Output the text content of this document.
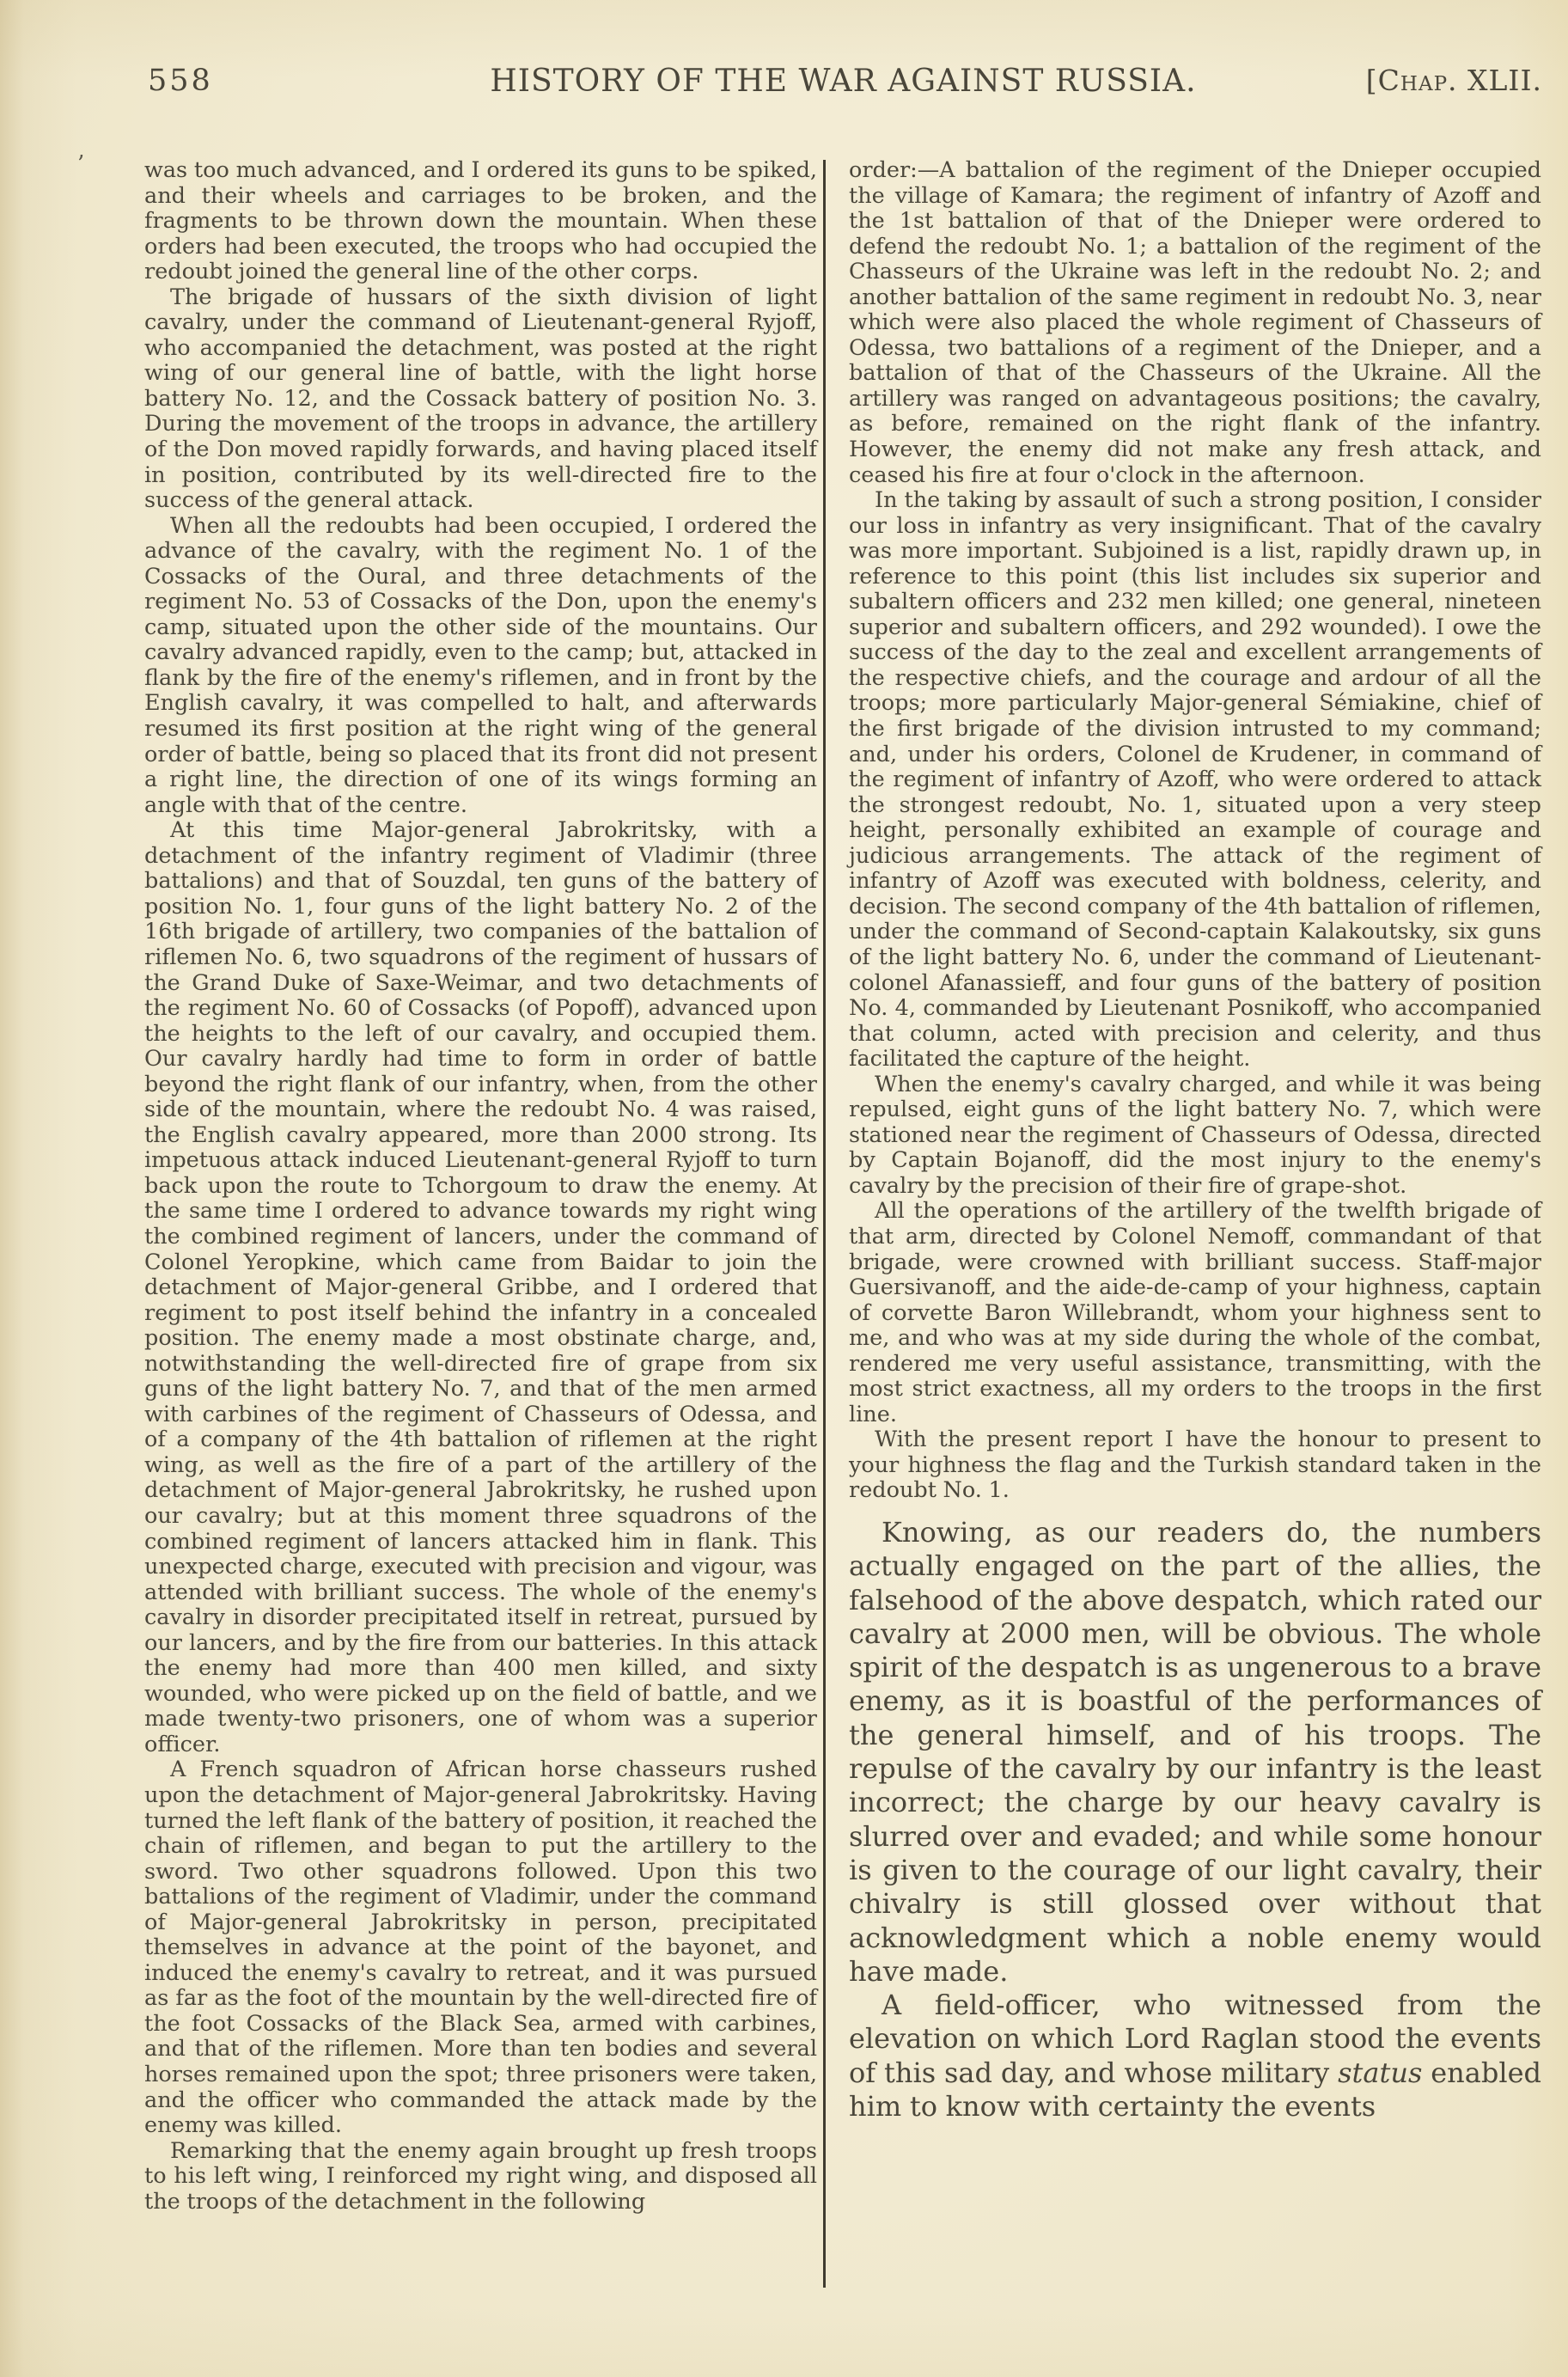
558	HISTORY OF THE WAR AGAINST RUSSIA.	[Chap. XLII.
’	was too much advanced, and I ordered its guns to be spiked, and their wheels and carriages to be broken, and the fragments to be thrown down the mountain. When these orders had been executed, the troops who had occupied the redoubt joined the general line of the other corps.

The brigade of hussars of the sixth division of light cavalry, under the command of Lieutenant-general Ryjoff, who accompanied the detachment, was posted at the right wing of our general line of battle, with the light horse battery No. 12, and the Cossack battery of position No. 3. During the movement of the troops in advance, the artillery of the Don moved rapidly forwards, and having placed itself in position, contributed by its well-directed fire to the success of the general attack.

When all the redoubts had been occupied, I ordered the advance of the cavalry, with the regiment No. 1 of the Cossacks of the Oural, and three detachments of the regiment No. 53 of Cossacks of the Don, upon the enemy's camp, situated upon the other side of the mountains. Our cavalry advanced rapidly, even to the camp; but, attacked in flank by the fire of the enemy's riflemen, and in front by the English cavalry, it was compelled to halt, and afterwards resumed its first position at the right wing of the general order of battle, being so placed that its front did not present a right line, the direction of one of its wings forming an angle with that of the centre.

At this time Major-general Jabrokritsky, with a detachment of the infantry regiment of Vladimir (three battalions) and that of Souzdal, ten guns of the battery of position No. 1, four guns of the light battery No. 2 of the 16th brigade of artillery, two companies of the battalion of riflemen No. 6, two squadrons of the regiment of hussars of the Grand Duke of Saxe-Weimar, and two detachments of the regiment No. 60 of Cossacks (of Popoff), advanced upon the heights to the left of our cavalry, and occupied them. Our cavalry hardly had time to form in order of battle beyond the right flank of our infantry, when, from the other side of the mountain, where the redoubt No. 4 was raised, the English cavalry appeared, more than 2000 strong. Its impetuous attack induced Lieutenant-general Ryjoff to turn back upon the route to Tchorgoum to draw the enemy. At the same time I ordered to advance towards my right wing the combined regiment of lancers, under the command of Colonel Yeropkine, which came from Baidar to join the detachment of Major-general Gribbe, and I ordered that regiment to post itself behind the infantry in a concealed position. The enemy made a most obstinate charge, and, notwithstanding the well-directed fire of grape from six guns of the light battery No. 7, and that of the men armed with carbines of the regiment of Chasseurs of Odessa, and of a company of the 4th battalion of riflemen at the right wing, as well as the fire of a part of the artillery of the detachment of Major-general Jabrokritsky, he rushed upon our cavalry; but at this moment three squadrons of the combined regiment of lancers attacked him in flank. This unexpected charge, executed with precision and vigour, was attended with brilliant success. The whole of the enemy's cavalry in disorder precipitated itself in retreat, pursued by our lancers, and by the fire from our batteries. In this attack the enemy had more than 400 men killed, and sixty wounded, who were picked up on the field of battle, and we made twenty-two prisoners, one of whom was a superior officer.

A French squadron of African horse chasseurs rushed upon the detachment of Major-general Jabrokritsky. Having turned the left flank of the battery of position, it reached the chain of riflemen, and began to put the artillery to the sword. Two other squadrons followed. Upon this two battalions of the regiment of Vladimir, under the command of Major-general Jabrokritsky in person, precipitated themselves in advance at the point of the bayonet, and induced the enemy's cavalry to retreat, and it was pursued as far as the foot of the mountain by the well-directed fire of the foot Cossacks of the Black Sea, armed with carbines, and that of the riflemen. More than ten bodies and several horses remained upon the spot; three prisoners were taken, and the officer who commanded the attack made by the enemy was killed.

Remarking that the enemy again brought up fresh troops to his left wing, I reinforced my right wing, and disposed all the troops of the detachment in the following

order:—A battalion of the regiment of the Dnieper occupied the village of Kamara; the regiment of infantry of Azoff and the 1st battalion of that of the Dnieper were ordered to defend the redoubt No. 1; a battalion of the regiment of the Chasseurs of the Ukraine was left in the redoubt No. 2; and another battalion of the same regiment in redoubt No. 3, near which were also placed the whole regiment of Chasseurs of Odessa, two battalions of a regiment of the Dnieper, and a battalion of that of the Chasseurs of the Ukraine. All the artillery was ranged on advantageous positions; the cavalry, as before, remained on the right flank of the infantry. However, the enemy did not make any fresh attack, and ceased his fire at four o'clock in the afternoon.

In the taking by assault of such a strong position, I consider our loss in infantry as very insignificant. That of the cavalry was more important. Subjoined is a list, rapidly drawn up, in reference to this point (this list includes six superior and subaltern officers and 232 men killed; one general, nineteen superior and subaltern officers, and 292 wounded). I owe the success of the day to the zeal and excellent arrangements of the respective chiefs, and the courage and ardour of all the troops; more particularly Major-general Sémiakine, chief of the first brigade of the division intrusted to my command; and, under his orders, Colonel de Krudener, in command of the regiment of infantry of Azoff, who were ordered to attack the strongest redoubt, No. 1, situated upon a very steep height, personally exhibited an example of courage and judicious arrangements. The attack of the regiment of infantry of Azoff was executed with boldness, celerity, and decision. The second company of the 4th battalion of riflemen, under the command of Second-captain Kalakoutsky, six guns of the light battery No. 6, under the command of Lieutenant-colonel Afanassieff, and four guns of the battery of position No. 4, commanded by Lieutenant Posnikoff, who accompanied that column, acted with precision and celerity, and thus facilitated the capture of the height.

When the enemy's cavalry charged, and while it was being repulsed, eight guns of the light battery No. 7, which were stationed near the regiment of Chasseurs of Odessa, directed by Captain Bojanoff, did the most injury to the enemy's cavalry by the precision of their fire of grape-shot.

All the operations of the artillery of the twelfth brigade of that arm, directed by Colonel Nemoff, commandant of that brigade, were crowned with brilliant success. Staff-major Guersivanoff, and the aide-de-camp of your highness, captain of corvette Baron Willebrandt, whom your highness sent to me, and who was at my side during the whole of the combat, rendered me very useful assistance, transmitting, with the most strict exactness, all my orders to the troops in the first line.

With the present report I have the honour to present to your highness the flag and the Turkish standard taken in the redoubt No. 1.

Knowing, as our readers do, the numbers actually engaged on the part of the allies, the falsehood of the above despatch, which rated our cavalry at 2000 men, will be obvious. The whole spirit of the despatch is as ungenerous to a brave enemy, as it is boastful of the performances of the general himself, and of his troops. The repulse of the cavalry by our infantry is the least incorrect; the charge by our heavy cavalry is slurred over and evaded; and while some honour is given to the courage of our light cavalry, their chivalry is still glossed over without that acknowledgment which a noble enemy would have made.

A field-officer, who witnessed from the elevation on which Lord Raglan stood the events of this sad day, and whose military status enabled him to know with certainty the events
